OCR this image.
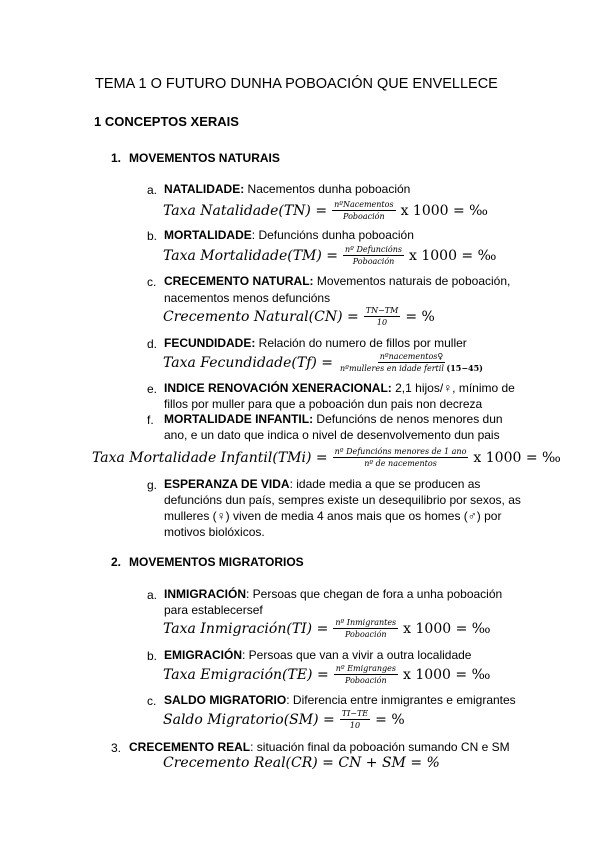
TEMA 1 O FUTURO DUNHA POBOACIÓN QUE ENVELLECE
1 CONCEPTOS XERAIS
1. MOVEMENTOS NATURAIS
a. NATALIDADE: Nacementos dunha poboación
Taxa Natalidade(TN) = $\frac{\text{nºNacementos}}{\text{Poboación}}$ x 1000 = ‰
b. MORTALIDADE: Defuncións dunha poboación
Taxa Mortalidade(TM) = $\frac{\text{nº Defuncións}}{\text{Poboación}}$ x 1000 = ‰
c. CRECEMENTO NATURAL: Movementos naturais de poboación,
nacementos menos defuncións
Crecemento Natural(CN) = $\frac{TN-TM}{10}$ = %
d. FECUNDIDADE: Relación do numero de fillos por muller
Taxa Fecundidade(Tf) = $\frac{\text{nºnacementos♀}}{\text{nºmulleres en idade fertil (15−45)}}$
e. INDICE RENOVACIÓN XENERACIONAL: 2,1 hijos/♀, mínimo de
fillos por muller para que a poboación dun pais non decreza
f. MORTALIDADE INFANTIL: Defuncións de nenos menores dun
ano, e un dato que indica o nivel de desenvolvemento dun pais
Taxa Mortalidade Infantil(TMi) = $\frac{\text{nº Defuncións menores de 1 ano}}{\text{nº de nacementos}}$ x 1000 = ‰
g. ESPERANZA DE VIDA: idade media a que se producen as
defuncións dun país, sempres existe un desequilibrio por sexos, as
mulleres (♀) viven de media 4 anos mais que os homes (♂) por
motivos biolóxicos.
2. MOVEMENTOS MIGRATORIOS
a. INMIGRACIÓN: Persoas que chegan de fora a unha poboación
para establecersef
Taxa Inmigración(TI) = $\frac{\text{nº Inmigrantes}}{\text{Poboación}}$ x 1000 = ‰
b. EMIGRACIÓN: Persoas que van a vivir a outra localidade
Taxa Emigración(TE) = $\frac{\text{nº Emigranges}}{\text{Poboación}}$ x 1000 = ‰
c. SALDO MIGRATORIO: Diferencia entre inmigrantes e emigrantes
Saldo Migratorio(SM) = $\frac{TI-TE}{10}$ = %
3. CRECEMENTO REAL: situación final da poboación sumando CN e SM
Crecemento Real(CR) = CN + SM = %
